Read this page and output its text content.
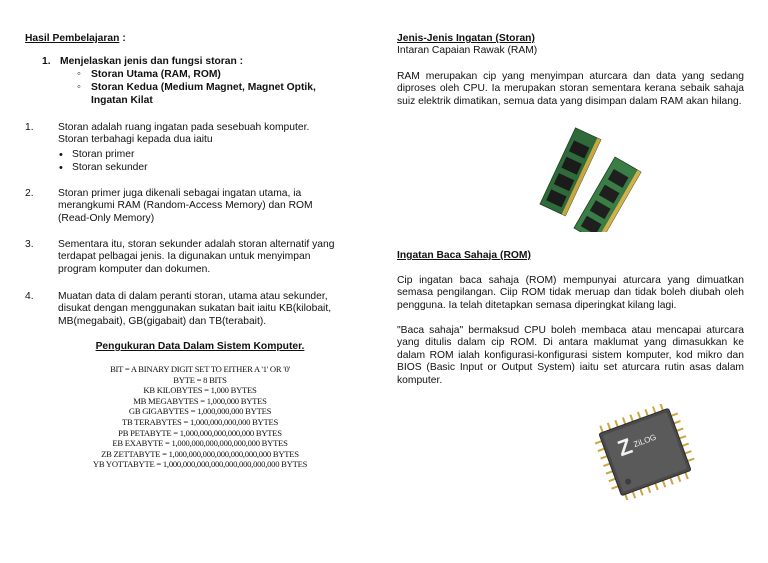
Hasil Pembelajaran :
1. Menjelaskan jenis dan fungsi storan :
◦ Storan Utama (RAM, ROM)
◦ Storan Kedua (Medium Magnet, Magnet Optik, Ingatan Kilat
1.	Storan adalah ruang ingatan pada sesebuah komputer.
Storan terbahagi kepada dua iaitu
• Storan primer
• Storan sekunder
2.	Storan primer juga dikenali sebagai ingatan utama, ia
merangkumi RAM (Random-Access Memory) dan ROM
(Read-Only Memory)
3.	Sementara itu, storan sekunder adalah storan alternatif yang
terdapat pelbagai jenis. Ia digunakan untuk menyimpan
program komputer dan dokumen.
4.	Muatan data di dalam peranti storan, utama atau sekunder,
disukat dengan menggunakan sukatan bait iaitu KB(kilobait,
MB(megabait), GB(gigabait) dan TB(terabait).
Pengukuran Data Dalam Sistem Komputer.
BIT = A BINARY DIGIT SET TO EITHER A '1' OR '0'
BYTE = 8 BITS
KB KILOBYTES = 1,000 BYTES
MB MEGABYTES = 1,000,000 BYTES
GB GIGABYTES = 1,000,000,000 BYTES
TB TERABYTES = 1,000,000,000,000 BYTES
PB PETABYTE = 1,000,000,000,000,000 BYTES
EB EXABYTE = 1,000,000,000,000,000,000 BYTES
ZB ZETTABYTE = 1,000,000,000,000,000,000,000 BYTES
YB YOTTABYTE = 1,000,000,000,000,000,000,000,000 BYTES
Jenis-Jenis Ingatan (Storan)
Intaran Capaian Rawak (RAM)
RAM merupakan cip yang menyimpan aturcara dan data yang sedang diproses oleh CPU. Ia merupakan storan sementara kerana sebaik sahaja suiz elektrik dimatikan, semua data yang disimpan dalam RAM akan hilang.
Ingatan Baca Sahaja (ROM)
Cip ingatan baca sahaja (ROM) mempunyai aturcara yang dimuatkan semasa pengilangan. Ciip ROM tidak meruap dan tidak boleh diubah oleh pengguna. Ia telah ditetapkan semasa diperingkat kilang lagi.
"Baca sahaja" bermaksud CPU boleh membaca atau mencapai aturcara yang ditulis dalam cip ROM. Di antara maklumat yang dimasukkan ke dalam ROM ialah konfigurasi-konfigurasi sistem komputer, kod mikro dan BIOS (Basic Input or Output System) iaitu set aturcara rutin asas dalam komputer.
Z
ZiLOG
